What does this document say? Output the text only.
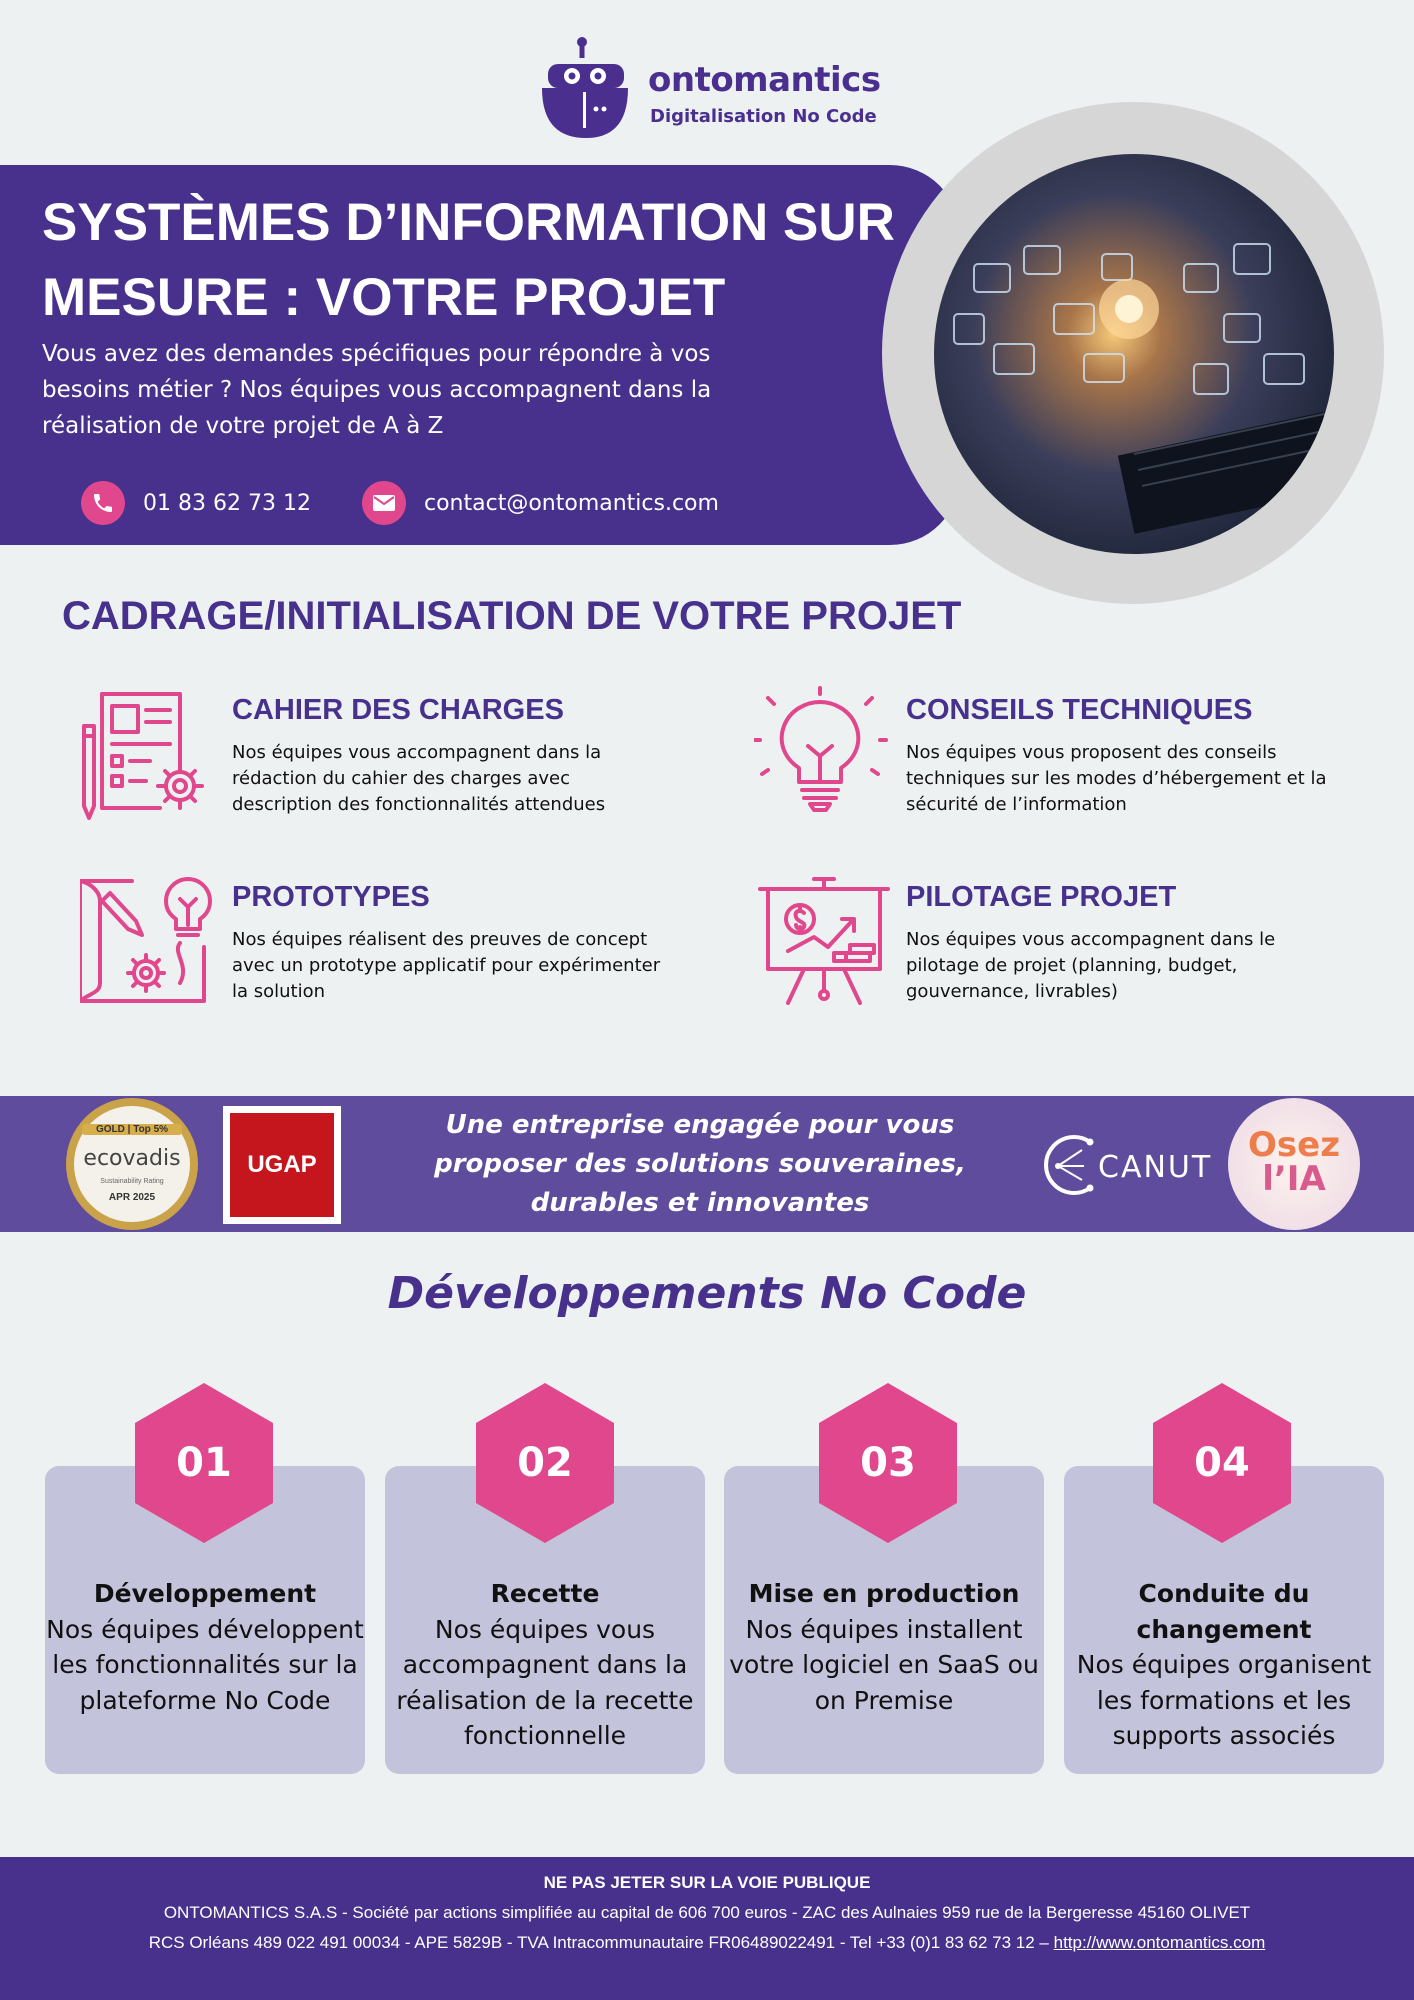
ontomantics
Digitalisation No Code
SYSTÈMES D’INFORMATION SUR
MESURE : VOTRE PROJET
Vous avez des demandes spécifiques pour répondre à vos besoins métier ? Nos équipes vous accompagnent dans la réalisation de votre projet de A à Z
01 83 62 73 12	contact@ontomantics.com
CADRAGE/INITIALISATION DE VOTRE PROJET
CAHIER DES CHARGES

Nos équipes vous accompagnent dans la rédaction du cahier des charges avec description des fonctionnalités attendues

CONSEILS TECHNIQUES

Nos équipes vous proposent des conseils techniques sur les modes d’hébergement et la sécurité de l’information

PROTOTYPES

Nos équipes réalisent des preuves de concept avec un prototype applicatif pour expérimenter la solution

PILOTAGE PROJET

Nos équipes vous accompagnent dans le pilotage de projet (planning, budget, gouvernance, livrables)

GOLD | Top 5%
ecovadis
Sustainability Rating
APR 2025
UGAP
Une entreprise engagée pour vous
proposer des solutions souveraines,
durables et innovantes
CANUT
Osez
l’IA
Développements No Code
Développement
Nos équipes développent les fonctionnalités sur la plateforme No Code
Recette
Nos équipes vous accompagnent dans la réalisation de la recette fonctionnelle
Mise en production
Nos équipes installent votre logiciel en SaaS ou on Premise
Conduite du changement
Nos équipes organisent les formations et les supports associés
01	02	03	04
NE PAS JETER SUR LA VOIE PUBLIQUE
ONTOMANTICS S.A.S - Société par actions simplifiée au capital de 606 700 euros - ZAC des Aulnaies 959 rue de la Bergeresse 45160 OLIVET
RCS Orléans 489 022 491 00034 - APE 5829B - TVA Intracommunautaire FR06489022491 - Tel +33 (0)1 83 62 73 12 – http://www.ontomantics.com
